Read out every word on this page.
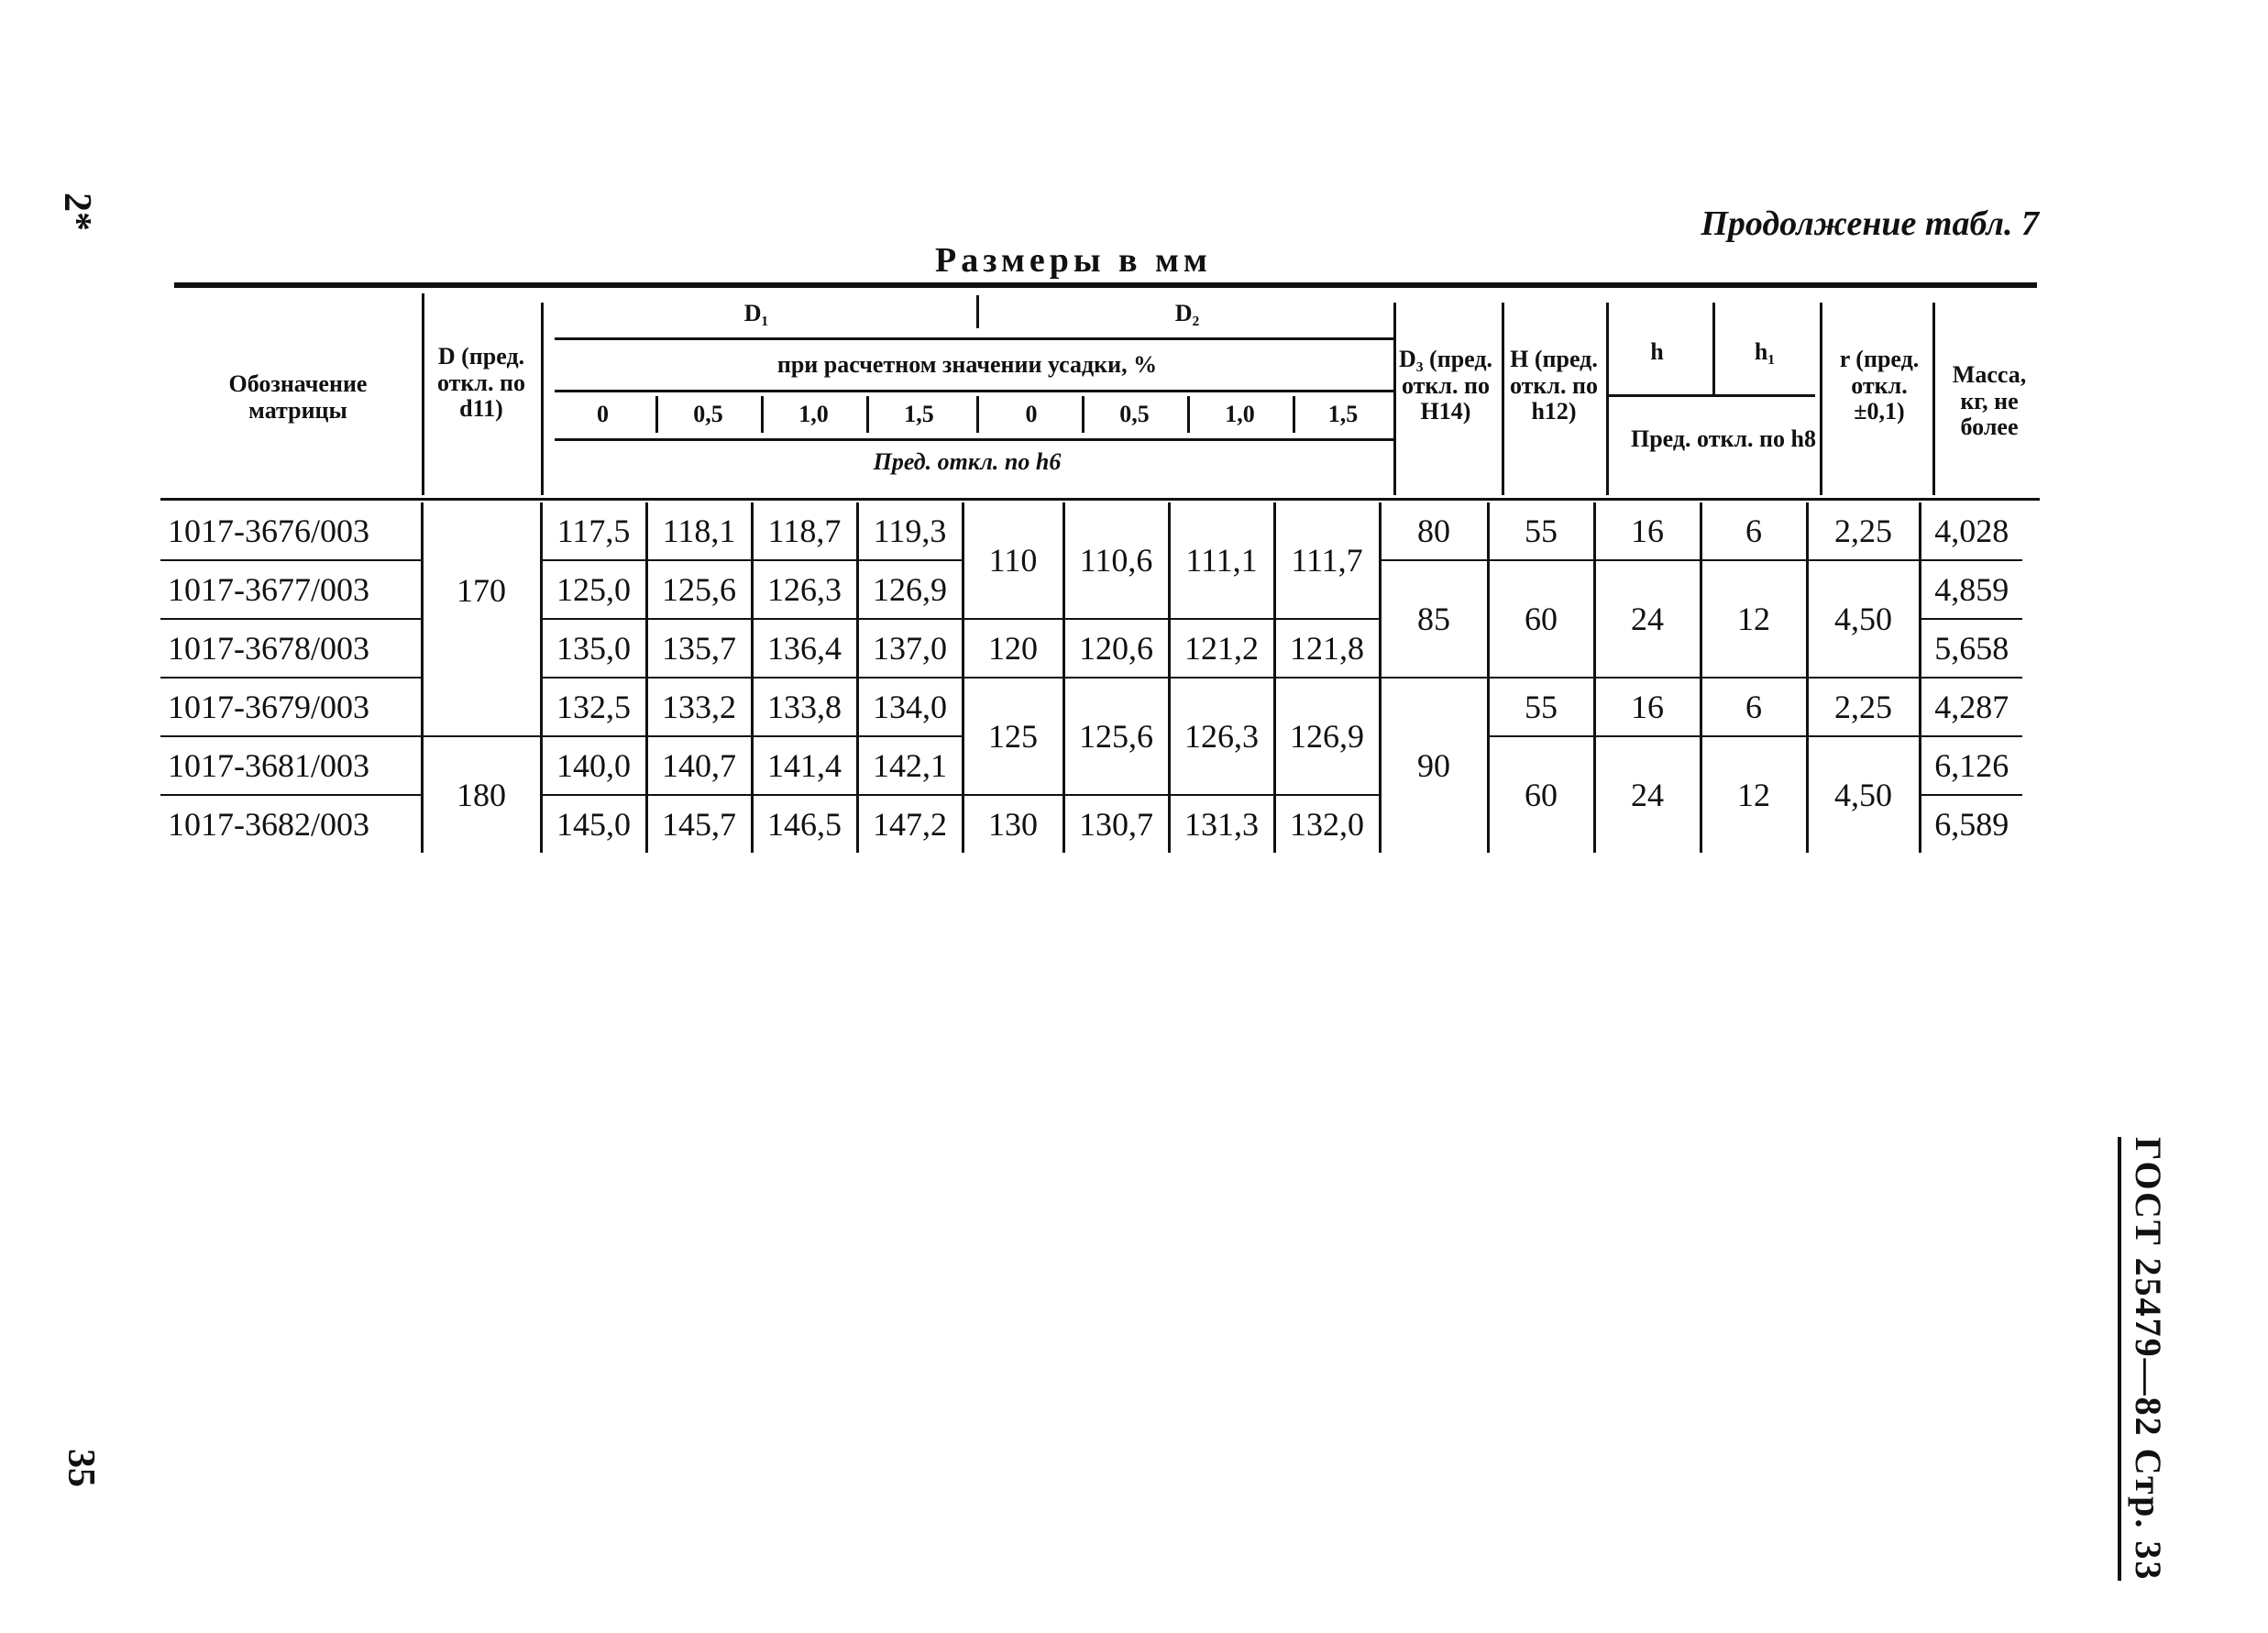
2*	Продолжение табл. 7
Размеры в мм
Обозначение матрицы
D (пред. откл. по d11)
D₁	D₂
при расчетном значении усадки, %
0	0,5	1,0	1,5	0	0,5	1,0	1,5
Пред. откл. по h6
D₃ (пред. откл. по H14)
H (пред. откл. по h12)
h	h₁
Пред. откл. по h8
r (пред. откл. ±0,1)
Масса, кг, не более
1017-3676/003	170	117,5	118,1	118,7	119,3	110	110,6	111,1	111,7	80	55	16	6	2,25	4,028
1017-3677/003		125,0	125,6	126,3	126,9					85	60	24	12	4,50	4,859
1017-3678/003		135,0	135,7	136,4	137,0	120	120,6	121,2	121,8						5,658
1017-3679/003		132,5	133,2	133,8	134,0	125	125,6	126,3	126,9	90	55	16	6	2,25	4,287
1017-3681/003	180	140,0	140,7	141,4	142,1						60	24	12	4,50	6,126
1017-3682/003		145,0	145,7	146,5	147,2	130	130,7	131,3	132,0						6,589
ГОСТ 25479—82 Стр. 33
35
